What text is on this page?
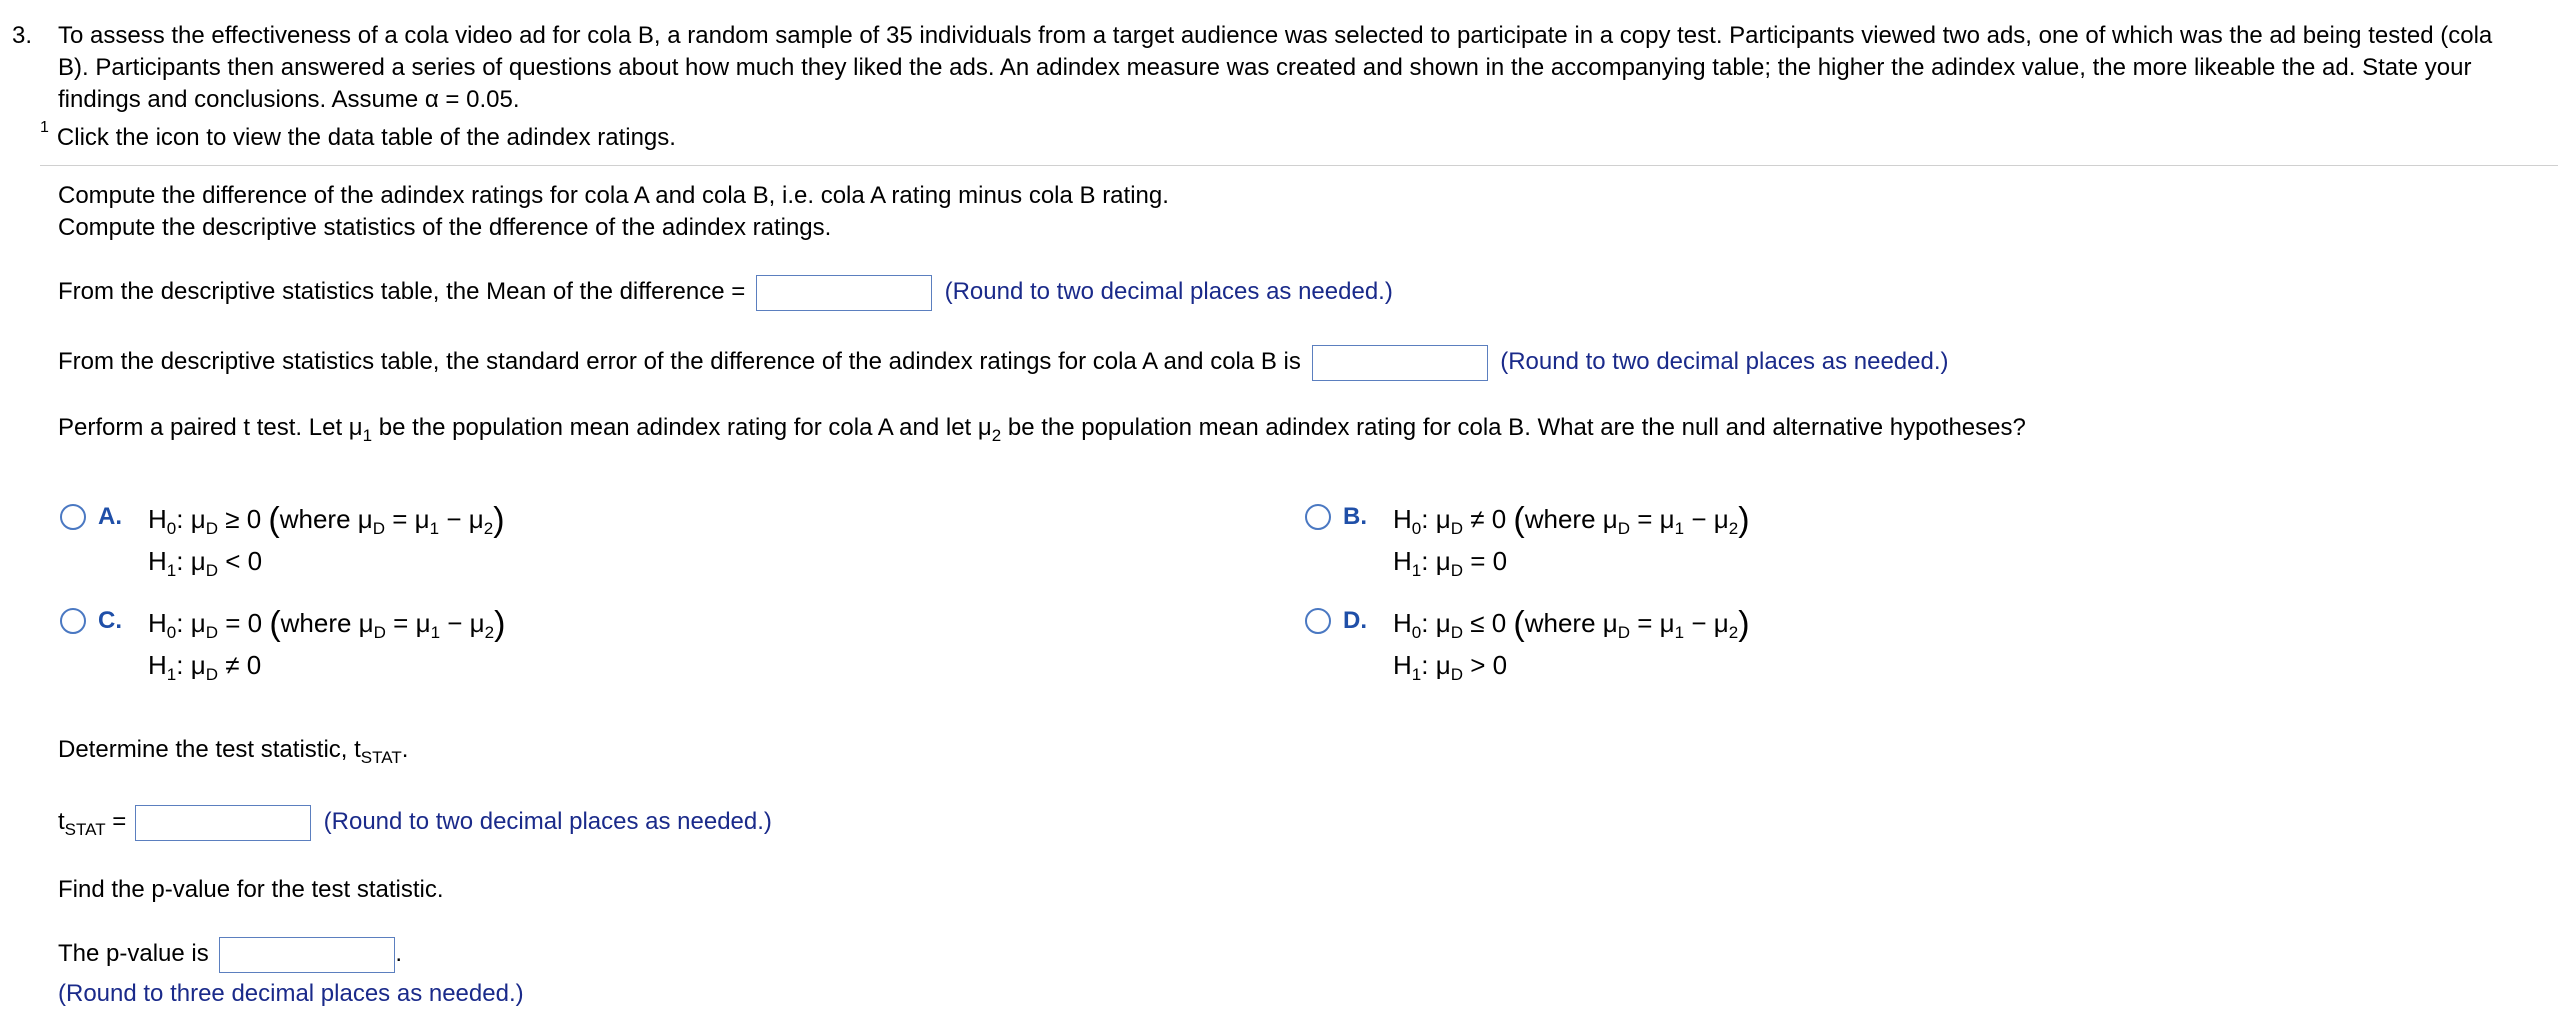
3. To assess the effectiveness of a cola video ad for cola B, a random sample of 35 individuals from a target audience was selected to participate in a copy test. Participants viewed two ads, one of which was the ad being tested (cola B). Participants then answered a series of questions about how much they liked the ads. An adindex measure was created and shown in the accompanying table; the higher the adindex value, the more likeable the ad. State your findings and conclusions. Assume α = 0.05.
$^1$ Click the icon to view the data table of the adindex ratings.
Compute the difference of the adindex ratings for cola A and cola B, i.e. cola A rating minus cola B rating.
Compute the descriptive statistics of the dfference of the adindex ratings.
From the descriptive statistics table, the Mean of the difference =	(Round to two decimal places as needed.)
From the descriptive statistics table, the standard error of the difference of the adindex ratings for cola A and cola B is	(Round to two decimal places as needed.)
Perform a paired t test. Let $\mu_1$ be the population mean adindex rating for cola A and let $\mu_2$ be the population mean adindex rating for cola B. What are the null and alternative hypotheses?
A.	$H_0$: $\mu_D \ge 0$ (where $\mu_D = \mu_1 - \mu_2$)
$H_1$: $\mu_D < 0$
B.	$H_0$: $\mu_D \ne 0$ (where $\mu_D = \mu_1 - \mu_2$)
$H_1$: $\mu_D = 0$
C.	$H_0$: $\mu_D = 0$ (where $\mu_D = \mu_1 - \mu_2$)
$H_1$: $\mu_D \ne 0$
D.	$H_0$: $\mu_D \le 0$ (where $\mu_D = \mu_1 - \mu_2$)
$H_1$: $\mu_D > 0$
Determine the test statistic, $t_{STAT}$.
$t_{STAT}$ =	(Round to two decimal places as needed.)
Find the p-value for the test statistic.
The p-value is	.
(Round to three decimal places as needed.)
